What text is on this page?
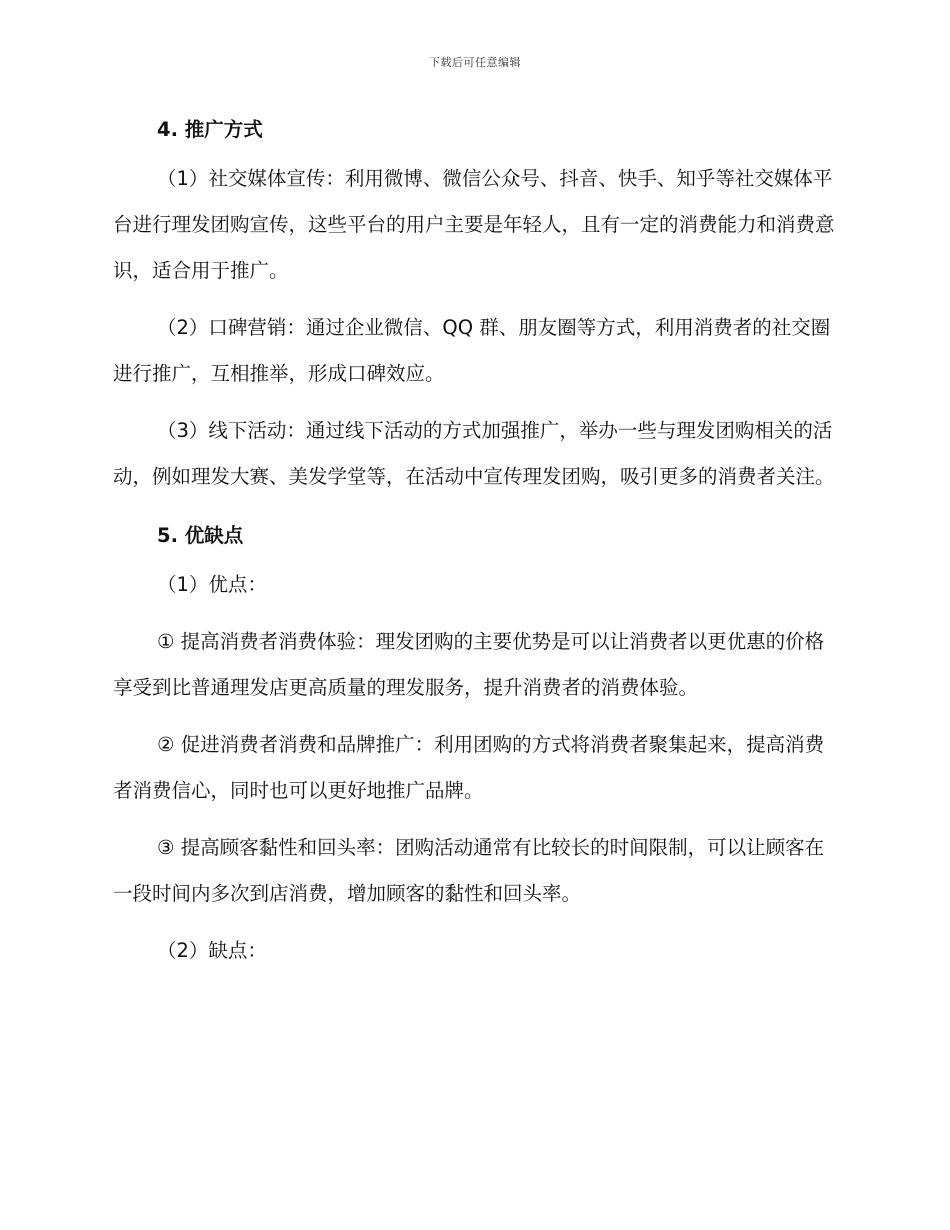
下载后可任意编辑
4. 推广方式

（1）社交媒体宣传：利用微博、微信公众号、抖音、快手、知乎等社交媒体平台进行理发团购宣传，这些平台的用户主要是年轻人，且有一定的消费能力和消费意识，适合用于推广。

（2）口碑营销：通过企业微信、QQ 群、朋友圈等方式，利用消费者的社交圈进行推广，互相推举，形成口碑效应。

（3）线下活动：通过线下活动的方式加强推广，举办一些与理发团购相关的活动，例如理发大赛、美发学堂等，在活动中宣传理发团购，吸引更多的消费者关注。

5. 优缺点

（1）优点：

① 提高消费者消费体验：理发团购的主要优势是可以让消费者以更优惠的价格享受到比普通理发店更高质量的理发服务，提升消费者的消费体验。

② 促进消费者消费和品牌推广：利用团购的方式将消费者聚集起来，提高消费者消费信心，同时也可以更好地推广品牌。

③ 提高顾客黏性和回头率：团购活动通常有比较长的时间限制，可以让顾客在一段时间内多次到店消费，增加顾客的黏性和回头率。

（2）缺点：
